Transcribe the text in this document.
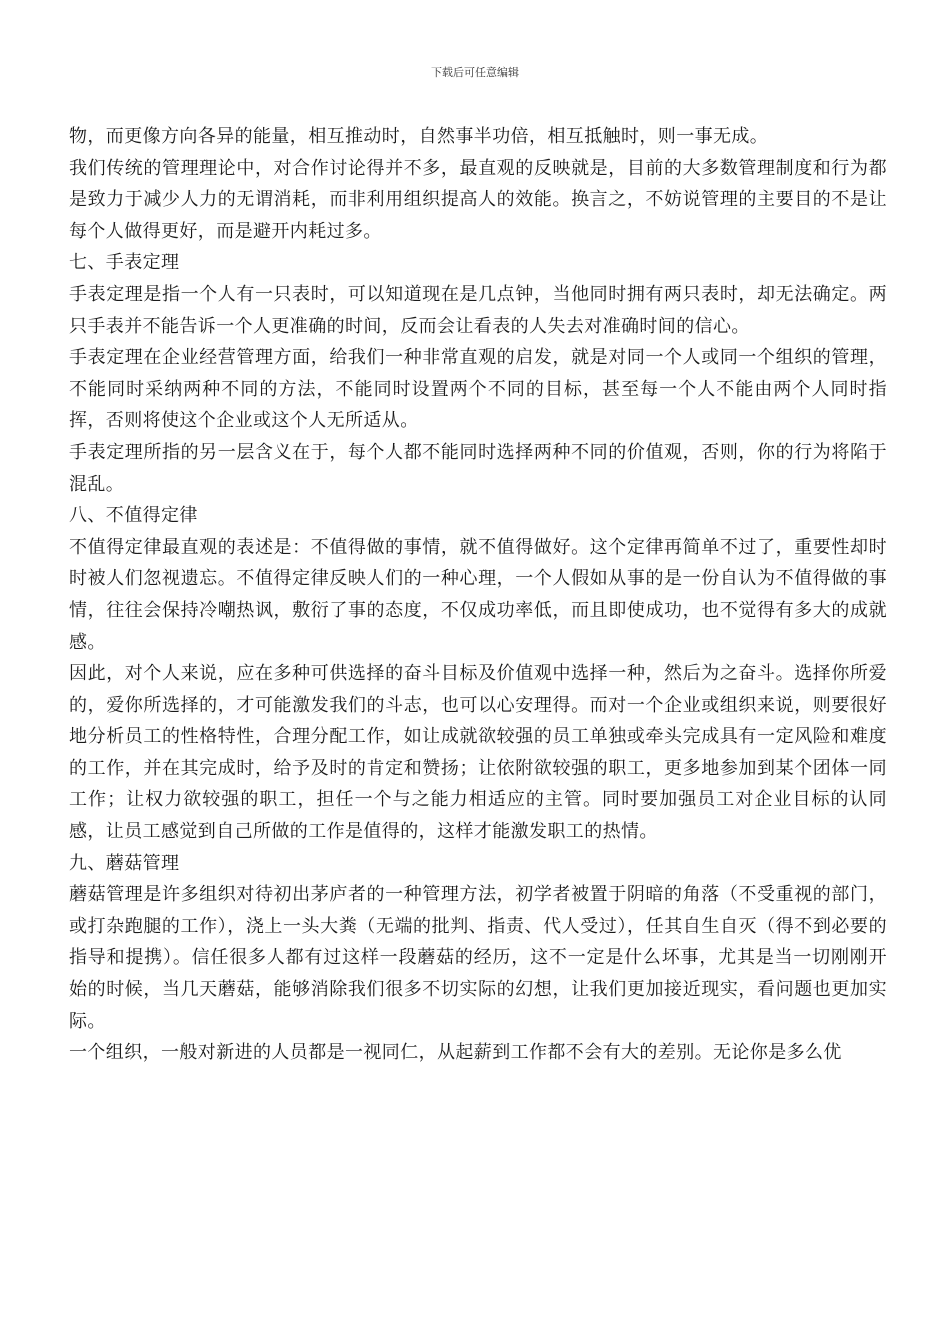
下载后可任意编辑

物，而更像方向各异的能量，相互推动时，自然事半功倍，相互抵触时，则一事无成。

我们传统的管理理论中，对合作讨论得并不多，最直观的反映就是，目前的大多数管理制度和行为都是致力于减少人力的无谓消耗，而非利用组织提高人的效能。换言之，不妨说管理的主要目的不是让每个人做得更好，而是避开内耗过多。

七、手表定理

手表定理是指一个人有一只表时，可以知道现在是几点钟，当他同时拥有两只表时，却无法确定。两只手表并不能告诉一个人更准确的时间，反而会让看表的人失去对准确时间的信心。

手表定理在企业经营管理方面，给我们一种非常直观的启发，就是对同一个人或同一个组织的管理，不能同时采纳两种不同的方法，不能同时设置两个不同的目标，甚至每一个人不能由两个人同时指挥，否则将使这个企业或这个人无所适从。

手表定理所指的另一层含义在于，每个人都不能同时选择两种不同的价值观，否则，你的行为将陷于混乱。

八、不值得定律

不值得定律最直观的表述是：不值得做的事情，就不值得做好。这个定律再简单不过了，重要性却时时被人们忽视遗忘。不值得定律反映人们的一种心理，一个人假如从事的是一份自认为不值得做的事情，往往会保持冷嘲热讽，敷衍了事的态度，不仅成功率低，而且即使成功，也不觉得有多大的成就感。

因此，对个人来说，应在多种可供选择的奋斗目标及价值观中选择一种，然后为之奋斗。选择你所爱的，爱你所选择的，才可能激发我们的斗志，也可以心安理得。而对一个企业或组织来说，则要很好地分析员工的性格特性，合理分配工作，如让成就欲较强的员工单独或牵头完成具有一定风险和难度的工作，并在其完成时，给予及时的肯定和赞扬；让依附欲较强的职工，更多地参加到某个团体一同工作；让权力欲较强的职工，担任一个与之能力相适应的主管。同时要加强员工对企业目标的认同感，让员工感觉到自己所做的工作是值得的，这样才能激发职工的热情。

九、蘑菇管理

蘑菇管理是许多组织对待初出茅庐者的一种管理方法，初学者被置于阴暗的角落（不受重视的部门，或打杂跑腿的工作），浇上一头大粪（无端的批判、指责、代人受过），任其自生自灭（得不到必要的指导和提携）。信任很多人都有过这样一段蘑菇的经历，这不一定是什么坏事，尤其是当一切刚刚开始的时候，当几天蘑菇，能够消除我们很多不切实际的幻想，让我们更加接近现实，看问题也更加实际。

一个组织，一般对新进的人员都是一视同仁，从起薪到工作都不会有大的差别。无论你是多么优
